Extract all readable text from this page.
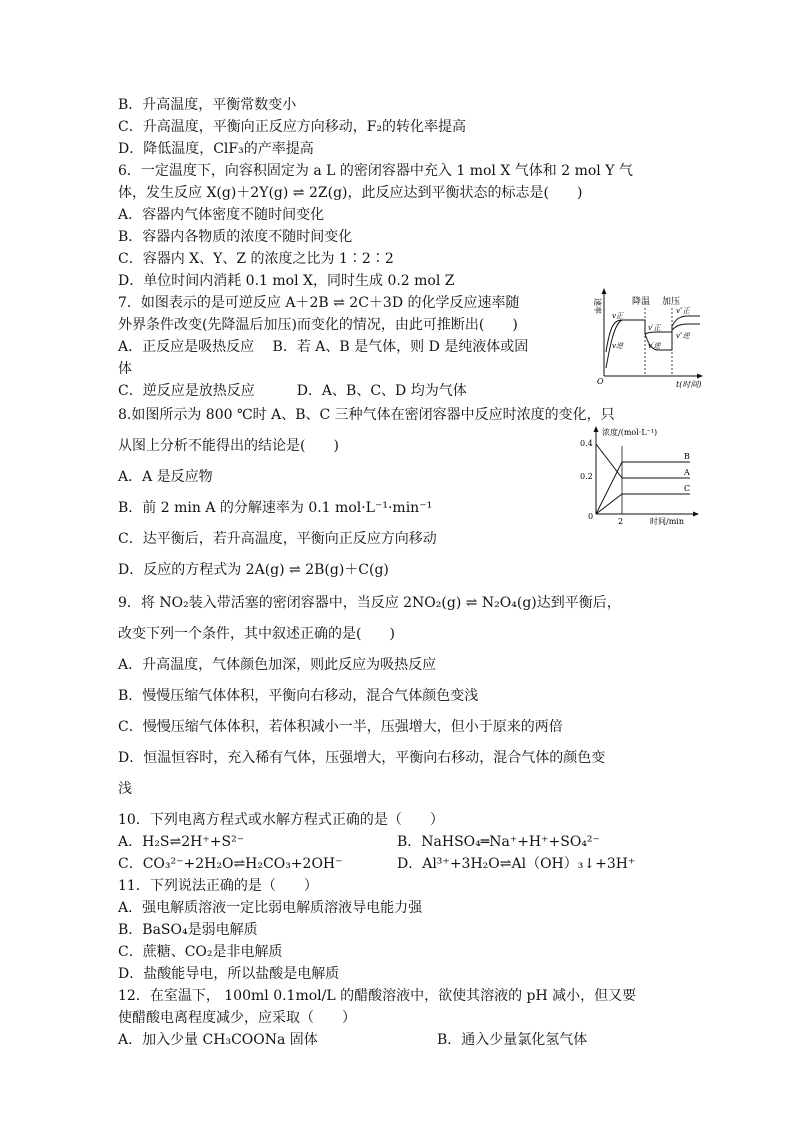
B．升高温度，平衡常数变小
C．升高温度，平衡向正反应方向移动，F₂的转化率提高
D．降低温度，ClF₃的产率提高
6．一定温度下，向容积固定为 a L 的密闭容器中充入 1 mol X 气体和 2 mol Y 气
体，发生反应 X(g)＋2Y(g) ⇌ 2Z(g)，此反应达到平衡状态的标志是(　　)
A．容器内气体密度不随时间变化
B．容器内各物质的浓度不随时间变化
C．容器内 X、Y、Z 的浓度之比为 1∶2∶2
D．单位时间内消耗 0.1 mol X，同时生成 0.2 mol Z
7．如图表示的是可逆反应 A＋2B ⇌ 2C＋3D 的化学反应速率随
外界条件改变(先降温后加压)而变化的情况，由此可推断出(　　)
A．正反应是吸热反应　 B．若 A、B 是气体，则 D 是纯液体或固
体
C．逆反应是放热反应　　　D．A、B、C、D 均为气体
8.如图所示为 800 ℃时 A、B、C 三种气体在密闭容器中反应时浓度的变化，只
从图上分析不能得出的结论是(　　)
A．A 是反应物
B．前 2 min A 的分解速率为 0.1 mol·L⁻¹·min⁻¹
C．达平衡后，若升高温度，平衡向正反应方向移动
D．反应的方程式为 2A(g) ⇌ 2B(g)＋C(g)
9．将 NO₂装入带活塞的密闭容器中，当反应 2NO₂(g) ⇌ N₂O₄(g)达到平衡后，
改变下列一个条件，其中叙述正确的是(　　)
A．升高温度，气体颜色加深，则此反应为吸热反应
B．慢慢压缩气体体积，平衡向右移动，混合气体颜色变浅
C．慢慢压缩气体体积，若体积减小一半，压强增大，但小于原来的两倍
D．恒温恒容时，充入稀有气体，压强增大，平衡向右移动，混合气体的颜色变
浅
10．下列电离方程式或水解方程式正确的是（　　）
A．H₂S⇌2H⁺+S²⁻	B．NaHSO₄═Na⁺+H⁺+SO₄²⁻
C．CO₃²⁻+2H₂O⇌H₂CO₃+2OH⁻	D．Al³⁺+3H₂O⇌Al（OH）₃↓+3H⁺
11．下列说法正确的是（　　）
A．强电解质溶液一定比弱电解质溶液导电能力强
B．BaSO₄是弱电解质
C．蔗糖、CO₂是非电解质
D．盐酸能导电，所以盐酸是电解质
12．在室温下， 100ml 0.1mol/L 的醋酸溶液中，欲使其溶液的 pH 减小，但又要
使醋酸电离程度减少，应采取（　　）
A．加入少量 CH₃COONa 固体	B．通入少量氯化氢气体
速率
O	t(时间)
降温 加压
v正
v逆
v′正
v′逆
v″正
v″逆
浓度/(mol·L⁻¹)
时间/min
0.4
0.2
0
2
B
A
C
